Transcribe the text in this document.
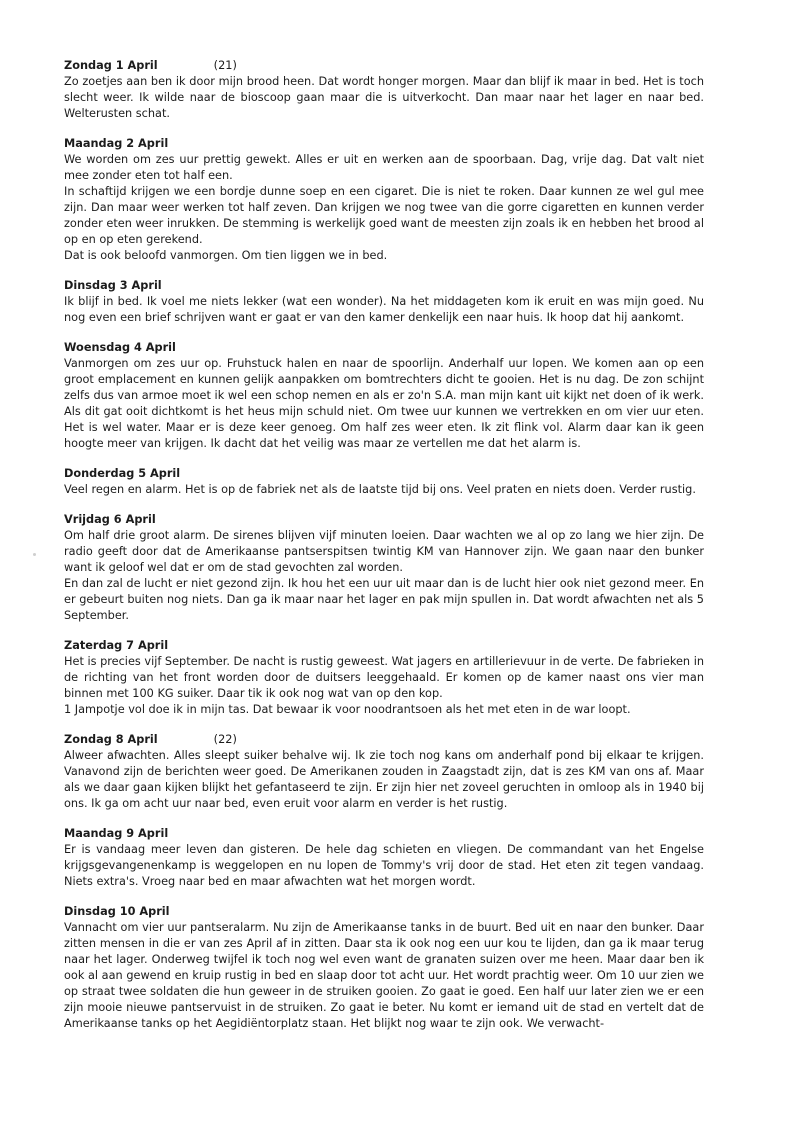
Zondag 1 April	(21)
Zo zoetjes aan ben ik door mijn brood heen. Dat wordt honger morgen. Maar dan blijf ik maar in bed. Het is toch slecht weer. Ik wilde naar de bioscoop gaan maar die is uitverkocht. Dan maar naar het lager en naar bed. Welterusten schat.
Maandag 2 April
We worden om zes uur prettig gewekt. Alles er uit en werken aan de spoorbaan. Dag, vrije dag. Dat valt niet mee zonder eten tot half een.
In schaftijd krijgen we een bordje dunne soep en een cigaret. Die is niet te roken. Daar kunnen ze wel gul mee zijn. Dan maar weer werken tot half zeven. Dan krijgen we nog twee van die gorre cigaretten en kunnen verder zonder eten weer inrukken. De stemming is werkelijk goed want de meesten zijn zoals ik en hebben het brood al op en op eten gerekend.
Dat is ook beloofd vanmorgen. Om tien liggen we in bed.
Dinsdag 3 April
Ik blijf in bed. Ik voel me niets lekker (wat een wonder). Na het middageten kom ik eruit en was mijn goed. Nu nog even een brief schrijven want er gaat er van den kamer denkelijk een naar huis. Ik hoop dat hij aankomt.
Woensdag 4 April
Vanmorgen om zes uur op. Fruhstuck halen en naar de spoorlijn. Anderhalf uur lopen. We komen aan op een groot emplacement en kunnen gelijk aanpakken om bomtrechters dicht te gooien. Het is nu dag. De zon schijnt zelfs dus van armoe moet ik wel een schop nemen en als er zo'n S.A. man mijn kant uit kijkt net doen of ik werk. Als dit gat ooit dichtkomt is het heus mijn schuld niet. Om twee uur kunnen we vertrekken en om vier uur eten. Het is wel water. Maar er is deze keer genoeg. Om half zes weer eten. Ik zit flink vol. Alarm daar kan ik geen hoogte meer van krijgen. Ik dacht dat het veilig was maar ze vertellen me dat het alarm is.
Donderdag 5 April
Veel regen en alarm. Het is op de fabriek net als de laatste tijd bij ons. Veel praten en niets doen. Verder rustig.
Vrijdag 6 April
Om half drie groot alarm. De sirenes blijven vijf minuten loeien. Daar wachten we al op zo lang we hier zijn. De radio geeft door dat de Amerikaanse pantserspitsen twintig KM van Hannover zijn. We gaan naar den bunker want ik geloof wel dat er om de stad gevochten zal worden.
En dan zal de lucht er niet gezond zijn. Ik hou het een uur uit maar dan is de lucht hier ook niet gezond meer. En er gebeurt buiten nog niets. Dan ga ik maar naar het lager en pak mijn spullen in. Dat wordt afwachten net als 5 September.
Zaterdag 7 April
Het is precies vijf September. De nacht is rustig geweest. Wat jagers en artillerievuur in de verte. De fabrieken in de richting van het front worden door de duitsers leeggehaald. Er komen op de kamer naast ons vier man binnen met 100 KG suiker. Daar tik ik ook nog wat van op den kop.
1 Jampotje vol doe ik in mijn tas. Dat bewaar ik voor noodrantsoen als het met eten in de war loopt.
Zondag 8 April	(22)
Alweer afwachten. Alles sleept suiker behalve wij. Ik zie toch nog kans om anderhalf pond bij elkaar te krijgen. Vanavond zijn de berichten weer goed. De Amerikanen zouden in Zaagstadt zijn, dat is zes KM van ons af. Maar als we daar gaan kijken blijkt het gefantaseerd te zijn. Er zijn hier net zoveel geruchten in omloop als in 1940 bij ons. Ik ga om acht uur naar bed, even eruit voor alarm en verder is het rustig.
Maandag 9 April
Er is vandaag meer leven dan gisteren. De hele dag schieten en vliegen. De commandant van het Engelse krijgsgevangenenkamp is weggelopen en nu lopen de Tommy's vrij door de stad. Het eten zit tegen vandaag. Niets extra's. Vroeg naar bed en maar afwachten wat het morgen wordt.
Dinsdag 10 April
Vannacht om vier uur pantseralarm. Nu zijn de Amerikaanse tanks in de buurt. Bed uit en naar den bunker. Daar zitten mensen in die er van zes April af in zitten. Daar sta ik ook nog een uur kou te lijden, dan ga ik maar terug naar het lager. Onderweg twijfel ik toch nog wel even want de granaten suizen over me heen. Maar daar ben ik ook al aan gewend en kruip rustig in bed en slaap door tot acht uur. Het wordt prachtig weer. Om 10 uur zien we op straat twee soldaten die hun geweer in de struiken gooien. Zo gaat ie goed. Een half uur later zien we er een zijn mooie nieuwe pantservuist in de struiken. Zo gaat ie beter. Nu komt er iemand uit de stad en vertelt dat de Amerikaanse tanks op het Aegidiëntorplatz staan. Het blijkt nog waar te zijn ook. We verwacht-
